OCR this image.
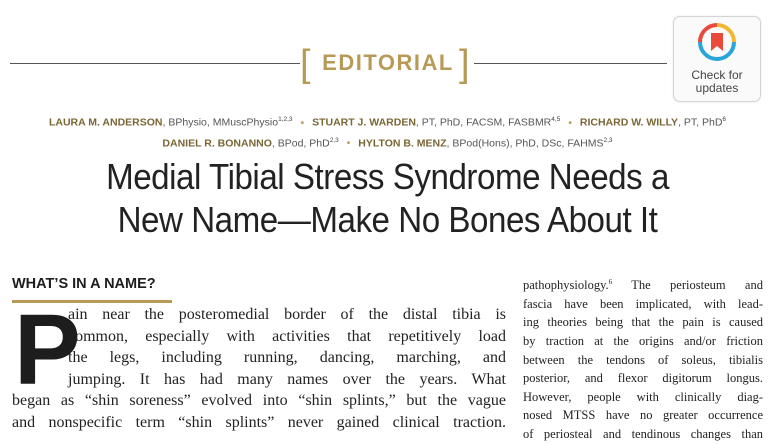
[	]
EDITORIAL	Check for
updates
LAURA M. ANDERSON, BPhysio, MMuscPhysio$^{1,2,3}$ • STUART J. WARDEN, PT, PhD, FACSM, FASBMR$^{4,5}$ • RICHARD W. WILLY, PT, PhD$^6$
DANIEL R. BONANNO, BPod, PhD$^{2,3}$ • HYLTON B. MENZ, BPod(Hons), PhD, DSc, FAHMS$^{2,3}$
Medial Tibial Stress Syndrome Needs a
New Name—Make No Bones About It
WHAT’S IN A NAME?
P
ain near the posteromedial border of the distal tibia is
common, especially with activities that repetitively load
the legs, including running, dancing, marching, and
jumping. It has had many names over the years. What
began as “shin soreness” evolved into “shin splints,” but the vague
and nonspecific term “shin splints” never gained clinical traction.
pathophysiology.$^6$ The periosteum and
fascia have been implicated, with lead-
ing theories being that the pain is caused
by traction at the origins and/or friction
between the tendons of soleus, tibialis
posterior, and flexor digitorum longus.
However, people with clinically diag-
nosed MTSS have no greater occurrence
of periosteal and tendinous changes than
